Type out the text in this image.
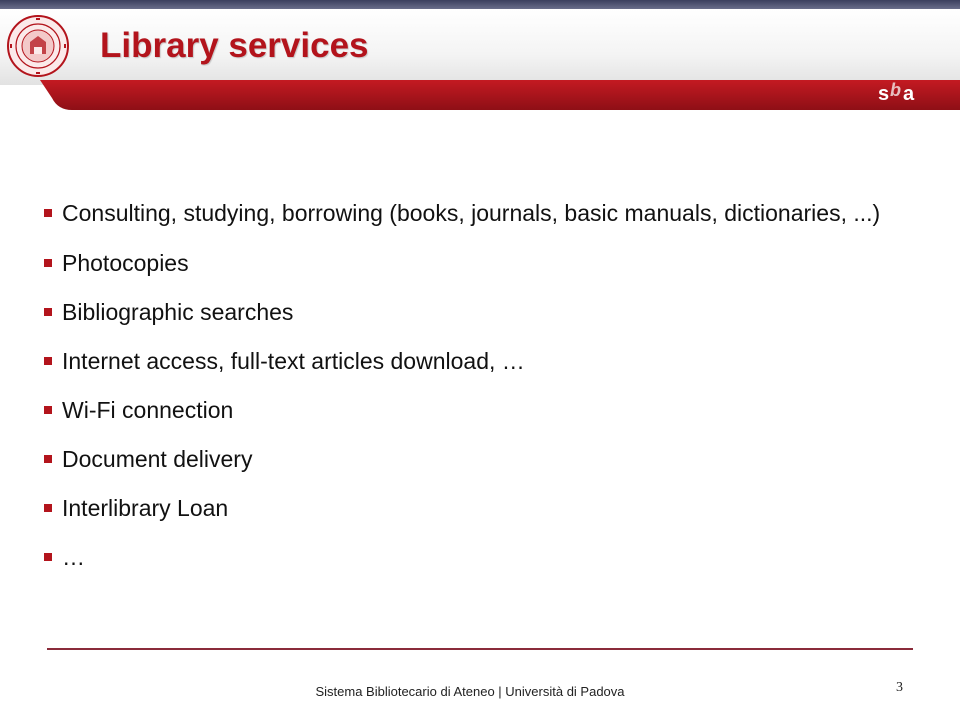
Library services
s b a
Consulting, studying, borrowing (books, journals, basic manuals, dictionaries, ...)
Photocopies
Bibliographic searches
Internet access, full-text articles download, …
Wi-Fi connection
Document delivery
Interlibrary Loan
…
Sistema Bibliotecario di Ateneo | Università di Padova	3
